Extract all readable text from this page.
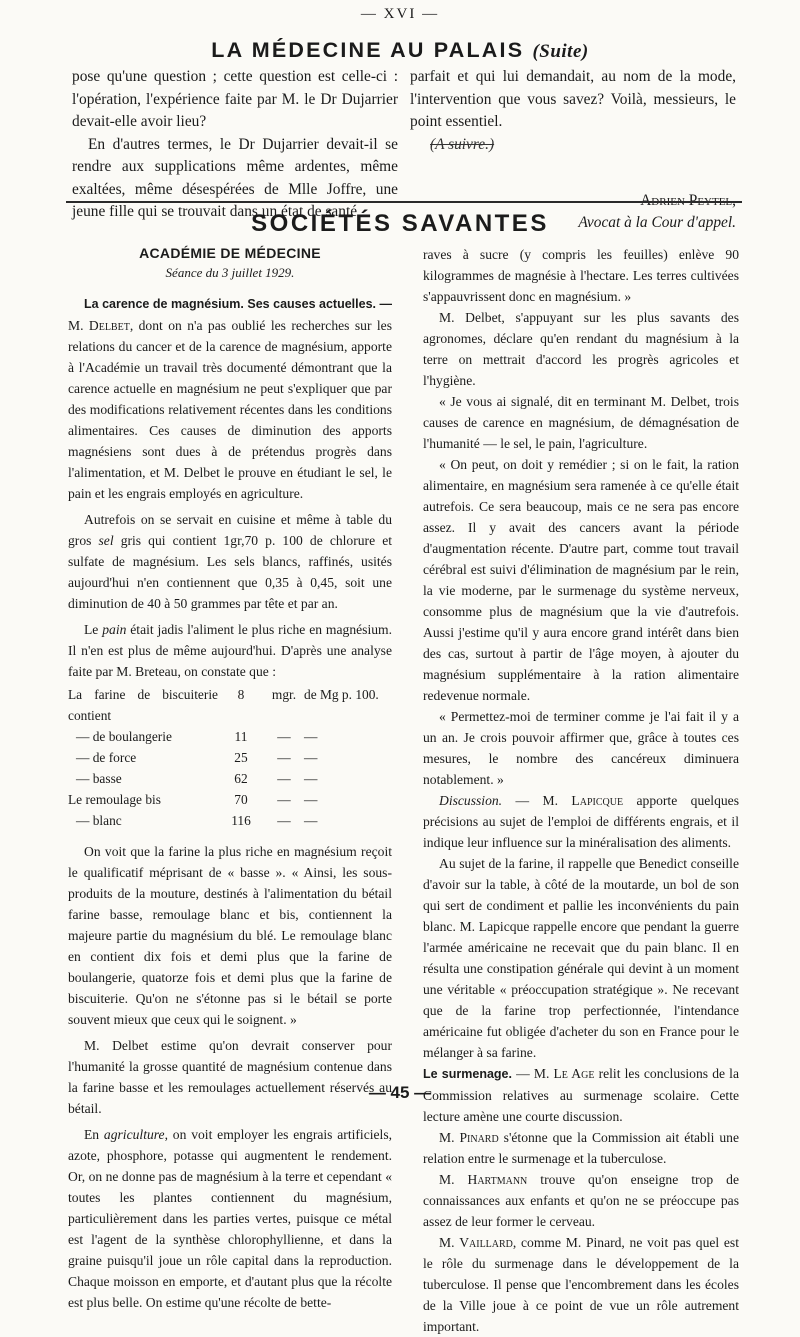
— XVI —
LA MÉDECINE AU PALAIS (Suite)

pose qu'une question ; cette question est celle-ci : l'opération, l'expérience faite par M. le Dr Dujarrier devait-elle avoir lieu?

En d'autres termes, le Dr Dujarrier devait-il se rendre aux supplications même ardentes, même exaltées, même désespérées de Mlle Joffre, une jeune fille qui se trouvait dans un état de santé

parfait et qui lui demandait, au nom de la mode, l'intervention que vous savez? Voilà, messieurs, le point essentiel.

(A suivre.)
Avocat à la Cour d'appel.
SOCIÉTÉS SAVANTES
ACADÉMIE DE MÉDECINE
Séance du 3 juillet 1929.

La carence de magnésium. Ses causes actuelles. — M. Delbet, dont on n'a pas oublié les recherches sur les relations du cancer et de la carence de magnésium, apporte à l'Académie un travail très documenté démontrant que la carence actuelle en magnésium ne peut s'expliquer que par des modifications relativement récentes dans les conditions alimentaires. Ces causes de diminution des apports magnésiens sont dues à de prétendus progrès dans l'alimentation, et M. Delbet le prouve en étudiant le sel, le pain et les engrais employés en agriculture.

Autrefois on se servait en cuisine et même à table du gros sel gris qui contient 1gr,70 p. 100 de chlorure et sulfate de magnésium. Les sels blancs, raffinés, usités aujourd'hui n'en contiennent que 0,35 à 0,45, soit une diminution de 40 à 50 grammes par tête et par an.

Le pain était jadis l'aliment le plus riche en magnésium. Il n'en est plus de même aujourd'hui. D'après une analyse faite par M. Breteau, on constate que :

La farine de biscuiterie contient	8	mgr.	de Mg p. 100.
— de boulangerie	11	—	—
— de force	25	—	—
— basse	62	—	—
Le remoulage bis	70	—	—
— blanc	116	—	—

On voit que la farine la plus riche en magnésium reçoit le qualificatif méprisant de « basse ». « Ainsi, les sous-produits de la mouture, destinés à l'alimentation du bétail farine basse, remoulage blanc et bis, contiennent la majeure partie du magnésium du blé. Le remoulage blanc en contient dix fois et demi plus que la farine de boulangerie, quatorze fois et demi plus que la farine de biscuiterie. Qu'on ne s'étonne pas si le bétail se porte souvent mieux que ceux qui le soignent. »

M. Delbet estime qu'on devrait conserver pour l'humanité la grosse quantité de magnésium contenue dans la farine basse et les remoulages actuellement réservés au bétail.

En agriculture, on voit employer les engrais artificiels, azote, phosphore, potasse qui augmentent le rendement. Or, on ne donne pas de magnésium à la terre et cependant « toutes les plantes contiennent du magnésium, particulièrement dans les parties vertes, puisque ce métal est l'agent de la synthèse chlorophyllienne, et dans la graine puisqu'il joue un rôle capital dans la reproduction. Chaque moisson en emporte, et d'autant plus que la récolte est plus belle. On estime qu'une récolte de bette-

raves à sucre (y compris les feuilles) enlève 90 kilogrammes de magnésie à l'hectare. Les terres cultivées s'appauvrissent donc en magnésium. »

M. Delbet, s'appuyant sur les plus savants des agronomes, déclare qu'en rendant du magnésium à la terre on mettrait d'accord les progrès agricoles et l'hygiène.

« Je vous ai signalé, dit en terminant M. Delbet, trois causes de carence en magnésium, de démagnésation de l'humanité — le sel, le pain, l'agriculture.

« On peut, on doit y remédier ; si on le fait, la ration alimentaire, en magnésium sera ramenée à ce qu'elle était autrefois. Ce sera beaucoup, mais ce ne sera pas encore assez. Il y avait des cancers avant la période d'augmentation récente. D'autre part, comme tout travail cérébral est suivi d'élimination de magnésium par le rein, la vie moderne, par le surmenage du système nerveux, consomme plus de magnésium que la vie d'autrefois. Aussi j'estime qu'il y aura encore grand intérêt dans bien des cas, surtout à partir de l'âge moyen, à ajouter du magnésium supplémentaire à la ration alimentaire redevenue normale.

« Permettez-moi de terminer comme je l'ai fait il y a un an. Je crois pouvoir affirmer que, grâce à toutes ces mesures, le nombre des cancéreux diminuera notablement. »

Discussion. — M. Lapicque apporte quelques précisions au sujet de l'emploi de différents engrais, et il indique leur influence sur la minéralisation des aliments.

Au sujet de la farine, il rappelle que Benedict conseille d'avoir sur la table, à côté de la moutarde, un bol de son qui sert de condiment et pallie les inconvénients du pain blanc. M. Lapicque rappelle encore que pendant la guerre l'armée américaine ne recevait que du pain blanc. Il en résulta une constipation générale qui devint à un moment une véritable « préoccupation stratégique ». Ne recevant que de la farine trop perfectionnée, l'intendance américaine fut obligée d'acheter du son en France pour le mélanger à sa farine.

Le surmenage. — M. Le Age relit les conclusions de la Commission relatives au surmenage scolaire. Cette lecture amène une courte discussion.

M. Pinard s'étonne que la Commission ait établi une relation entre le surmenage et la tuberculose.

M. Hartmann trouve qu'on enseigne trop de connaissances aux enfants et qu'on ne se préoccupe pas assez de leur former le cerveau.

M. Vaillard, comme M. Pinard, ne voit pas quel est le rôle du surmenage dans le développement de la tuberculose. Il pense que l'encombrement dans les écoles de la Ville joue à ce point de vue un rôle autrement important.

— 45 —
